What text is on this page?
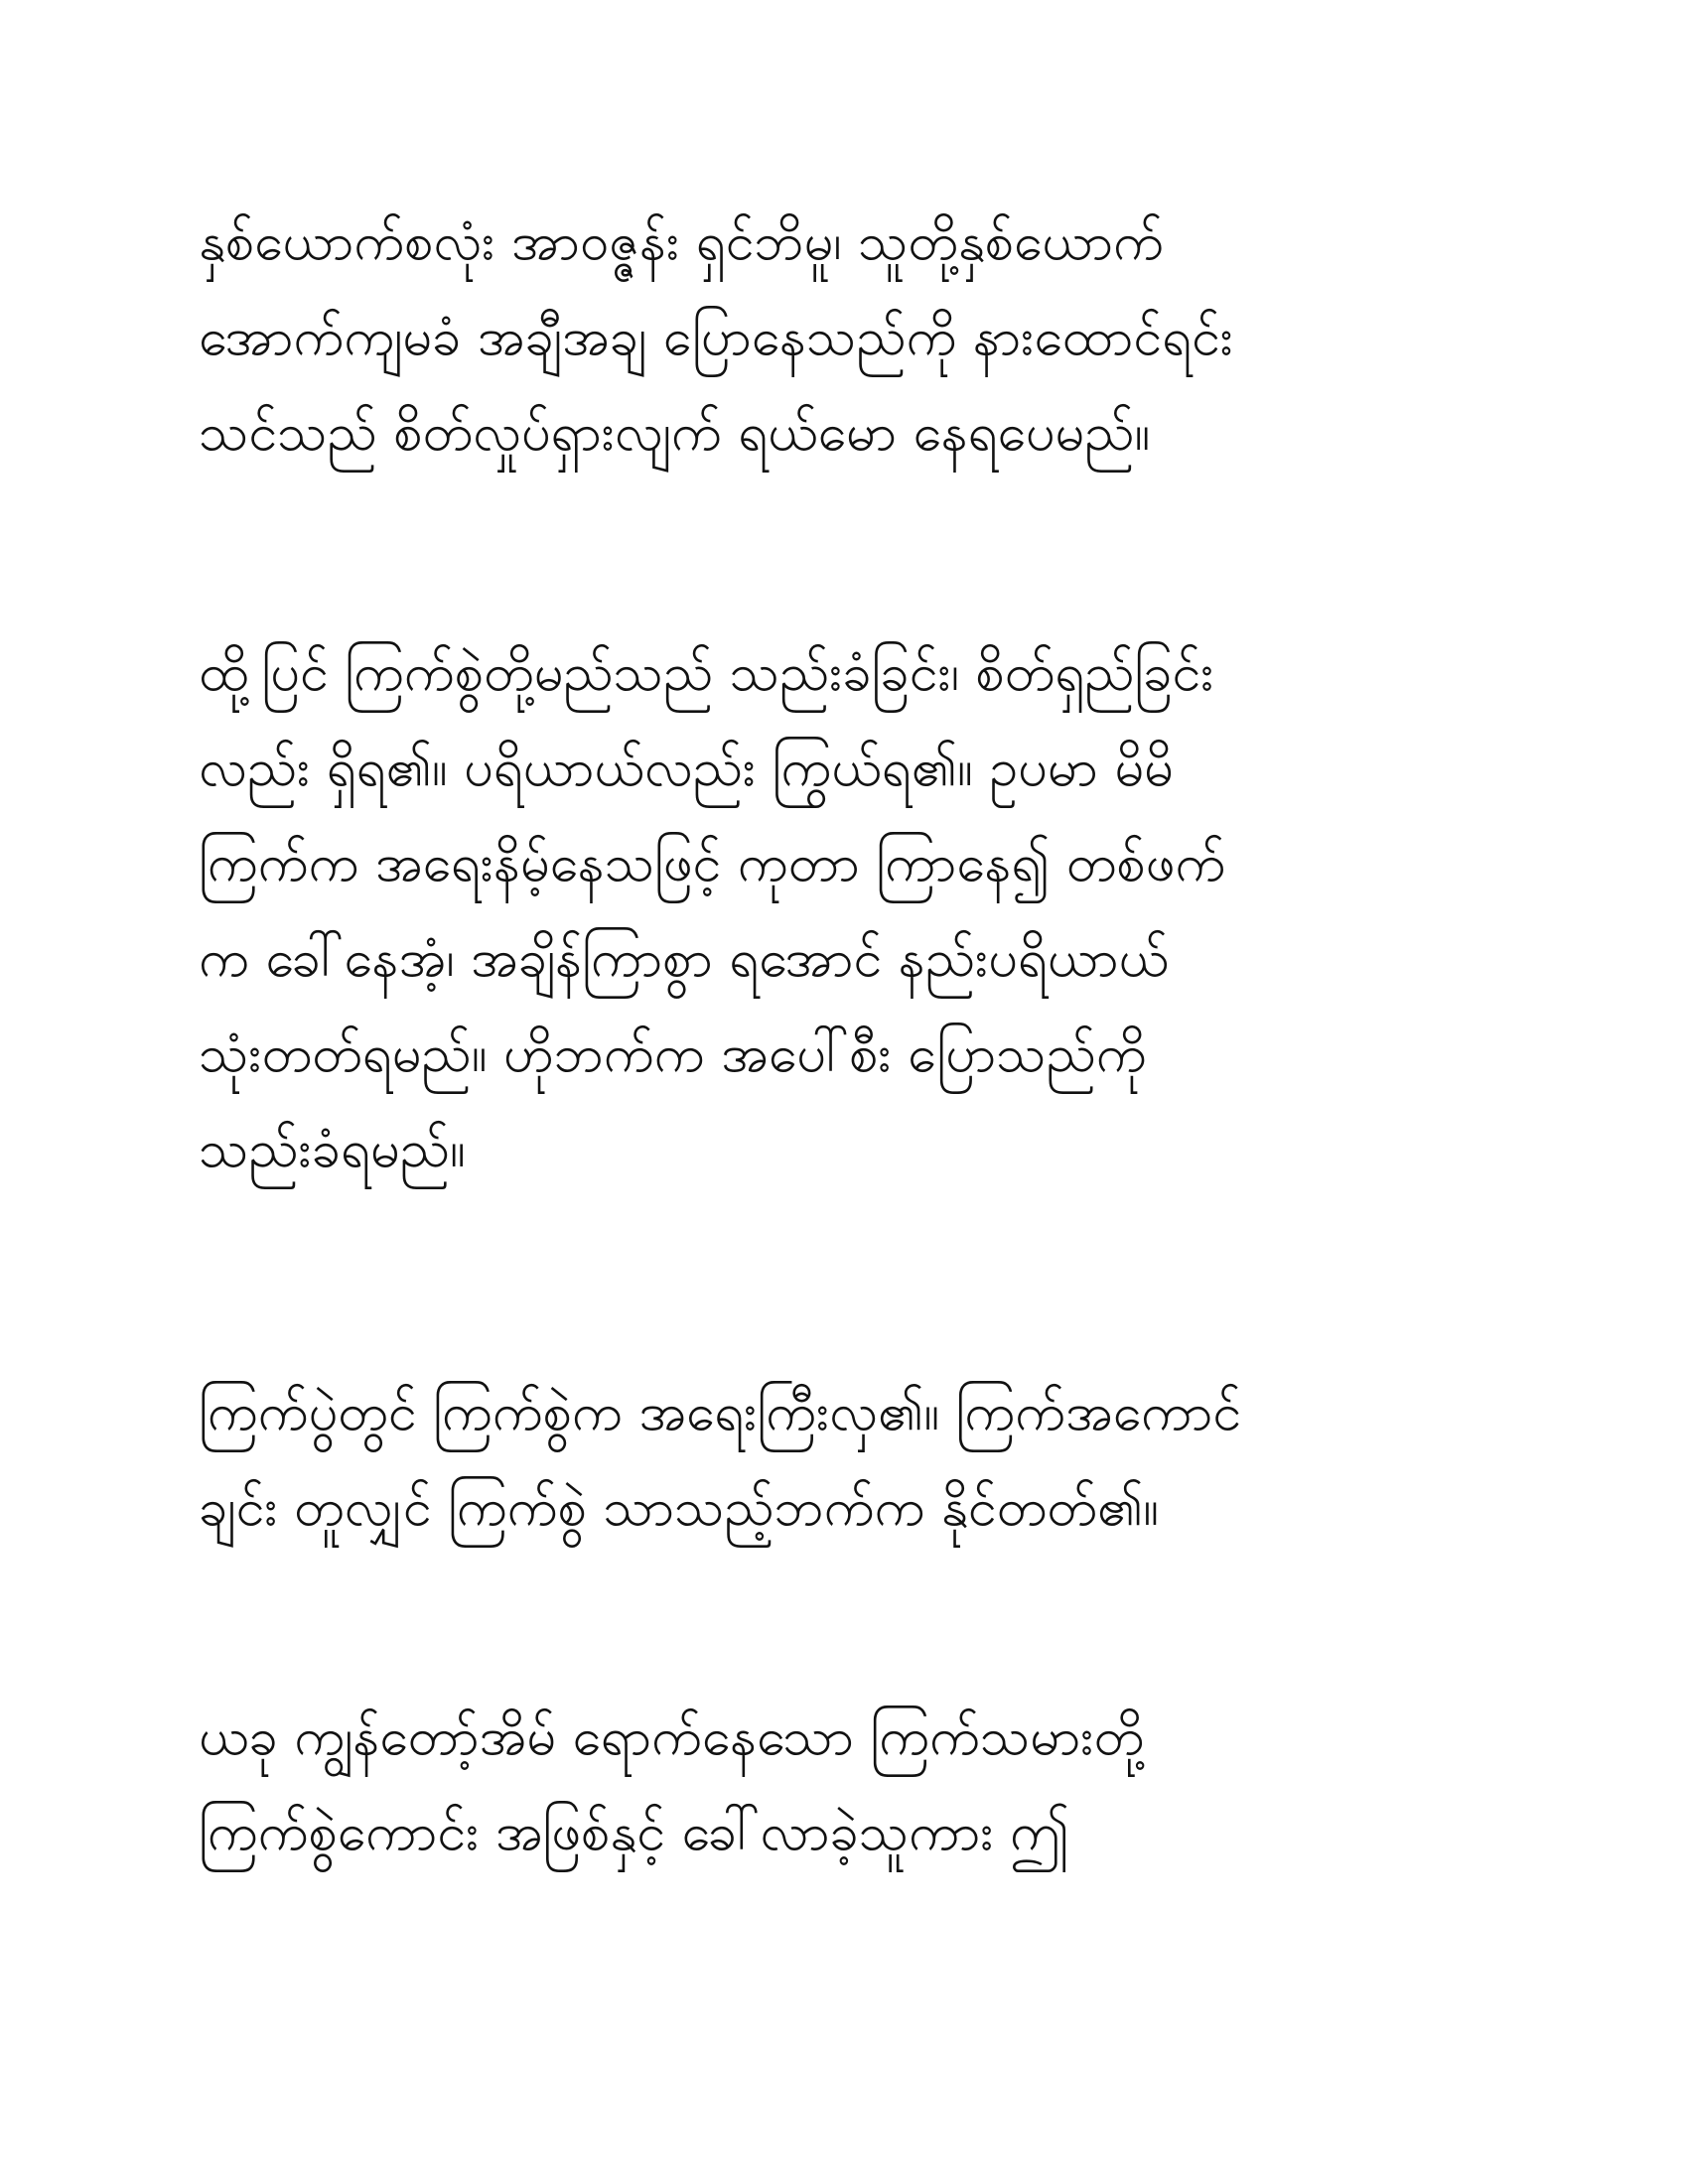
နှစ်ယောက်စလုံး အာဝဇ္ဇန်း ရှင်ဘိမူ၊ သူတို့နှစ်ယောက်
အောက်ကျမခံ အချီအချ ပြောနေသည်ကို နားထောင်ရင်း
သင်သည် စိတ်လှုပ်ရှားလျက် ရယ်မော နေရပေမည်။
ထို့ပြင် ကြက်စွဲတို့မည်သည် သည်းခံခြင်း၊ စိတ်ရှည်ခြင်း
လည်း ရှိရ၏။ ပရိယာယ်လည်း ကြွယ်ရ၏။ ဥပမာ မိမိ
ကြက်က အရေးနိမ့်နေသဖြင့် ကုတာ ကြာနေ၍ တစ်ဖက်
က ခေါ်နေအံ့၊ အချိန်ကြာစွာ ရအောင် နည်းပရိယာယ်
သုံးတတ်ရမည်။ ဟိုဘက်က အပေါ်စီး ပြောသည်ကို
သည်းခံရမည်။
ကြက်ပွဲတွင် ကြက်စွဲက အရေးကြီးလှ၏။ ကြက်အကောင်
ချင်း တူလျှင် ကြက်စွဲ သာသည့်ဘက်က နိုင်တတ်၏။
ယခု ကျွန်တော့်အိမ် ရောက်နေသော ကြက်သမားတို့
ကြက်စွဲကောင်း အဖြစ်နှင့် ခေါ်လာခဲ့သူကား ဤ
